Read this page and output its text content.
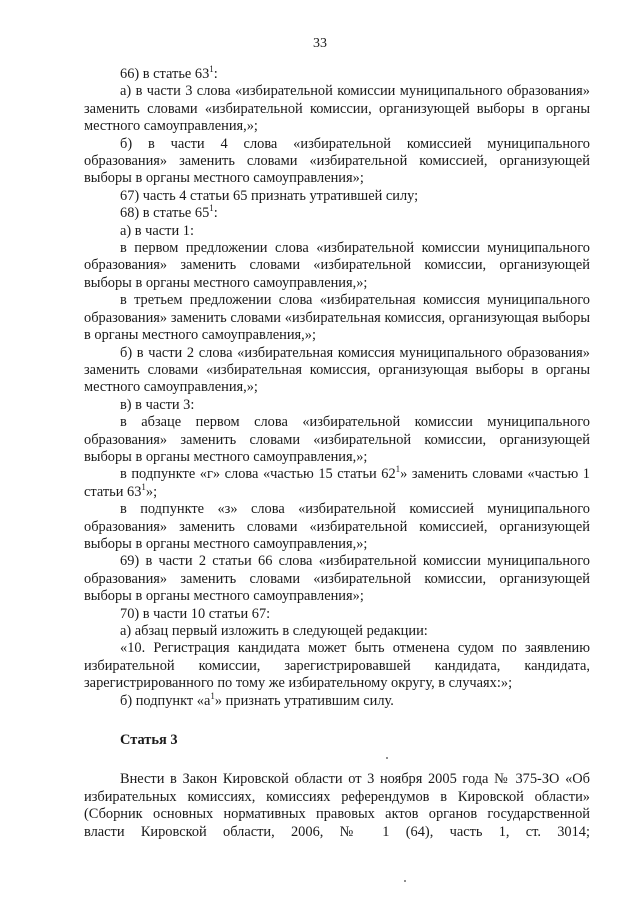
33

66) в статье $63^1$:

а) в части 3 слова «избирательной комиссии муниципального образования» заменить словами «избирательной комиссии, организующей выборы в органы местного самоуправления,»;

б) в части 4 слова «избирательной комиссией муниципального образования» заменить словами «избирательной комиссией, организующей выборы в органы местного самоуправления»;

67) часть 4 статьи 65 признать утратившей силу;

68) в статье $65^1$:

а) в части 1:

в первом предложении слова «избирательной комиссии муниципального образования» заменить словами «избирательной комиссии, организующей выборы в органы местного самоуправления,»;

в третьем предложении слова «избирательная комиссия муниципального образования» заменить словами «избирательная комиссия, организующая выборы в органы местного самоуправления,»;

б) в части 2 слова «избирательная комиссия муниципального образования» заменить словами «избирательная комиссия, организующая выборы в органы местного самоуправления,»;

в) в части 3:

в абзаце первом слова «избирательной комиссии муниципального образования» заменить словами «избирательной комиссии, организующей выборы в органы местного самоуправления,»;

в подпункте «г» слова «частью 15 статьи $62^1$» заменить словами «частью 1 статьи $63^1$»;

в подпункте «з» слова «избирательной комиссией муниципального образования» заменить словами «избирательной комиссией, организующей выборы в органы местного самоуправления,»;

69) в части 2 статьи 66 слова «избирательной комиссии муниципального образования» заменить словами «избирательной комиссии, организующей выборы в органы местного самоуправления»;

70) в части 10 статьи 67:

а) абзац первый изложить в следующей редакции:

«10. Регистрация кандидата может быть отменена судом по заявлению избирательной комиссии, зарегистрировавшей кандидата, кандидата, зарегистрированного по тому же избирательному округу, в случаях:»;

б) подпункт «$а^1$» признать утратившим силу.

Статья 3

Внести в Закон Кировской области от 3 ноября 2005 года № 375-ЗО «Об избирательных комиссиях, комиссиях референдумов в Кировской области» (Сборник основных нормативных правовых актов органов государственной власти Кировской области, 2006, № 1 (64), часть 1, ст. 3014;
